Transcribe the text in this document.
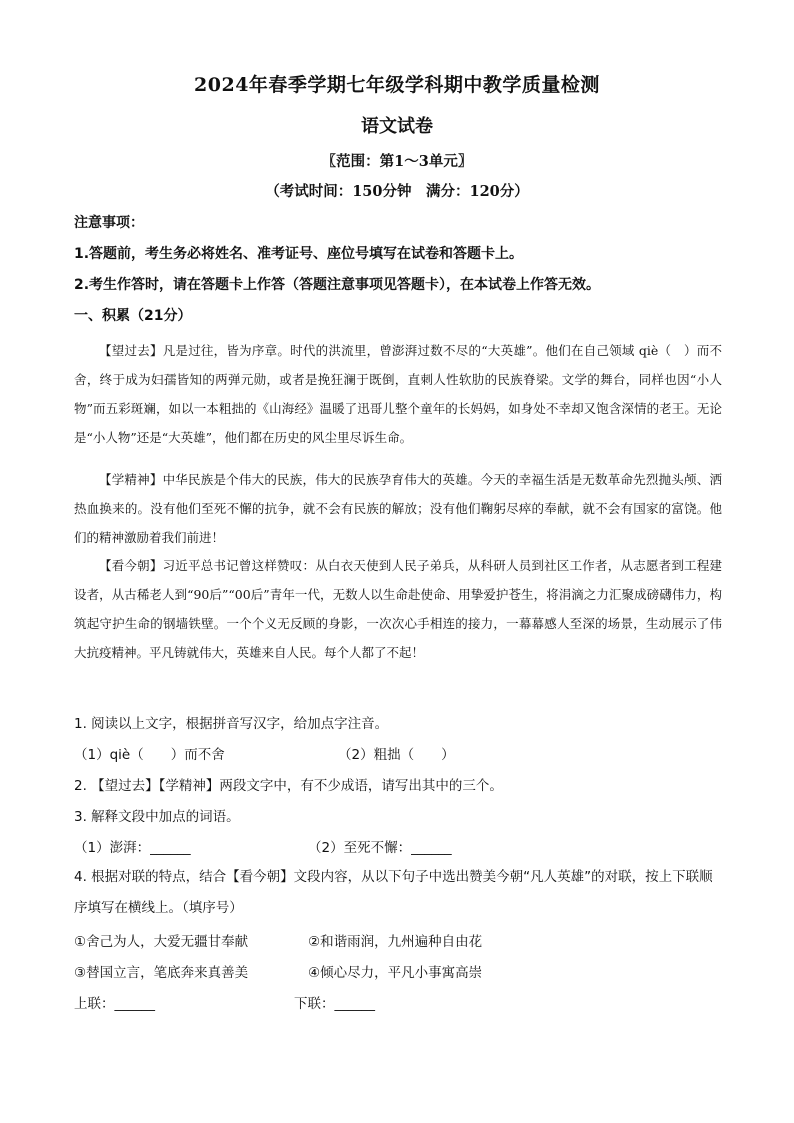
2024年春季学期七年级学科期中教学质量检测
语文试卷
〖范围：第1～3单元〗
（考试时间：150分钟　满分：120分）
注意事项：
1.答题前，考生务必将姓名、准考证号、座位号填写在试卷和答题卡上。
2.考生作答时，请在答题卡上作答（答题注意事项见答题卡），在本试卷上作答无效。
一、积累（21分）
【望过去】凡是过往，皆为序章。时代的洪流里，曾澎湃过数不尽的“大英雄”。他们在自己领域 qiè（　）而不舍，终于成为妇孺皆知的两弹元勋，或者是挽狂澜于既倒，直刺人性软肋的民族脊梁。文学的舞台，同样也因“小人物”而五彩斑斓，如以一本粗拙的《山海经》温暖了迅哥儿整个童年的长妈妈，如身处不幸却又饱含深情的老王。无论是“小人物”还是“大英雄”，他们都在历史的风尘里尽诉生命。
【学精神】中华民族是个伟大的民族，伟大的民族孕育伟大的英雄。今天的幸福生活是无数革命先烈抛头颅、洒热血换来的。没有他们至死不懈的抗争，就不会有民族的解放；没有他们鞠躬尽瘁的奉献，就不会有国家的富饶。他们的精神激励着我们前进！
【看今朝】习近平总书记曾这样赞叹：从白衣天使到人民子弟兵，从科研人员到社区工作者，从志愿者到工程建设者，从古稀老人到“90后”“00后”青年一代，无数人以生命赴使命、用挚爱护苍生，将涓滴之力汇聚成磅礴伟力，构筑起守护生命的钢墙铁壁。一个个义无反顾的身影，一次次心手相连的接力，一幕幕感人至深的场景，生动展示了伟大抗疫精神。平凡铸就伟大，英雄来自人民。每个人都了不起！
1. 阅读以上文字，根据拼音写汉字，给加点字注音。
（1）qiè（　　）而不舍	（2）粗拙（　　）
2. 【望过去】【学精神】两段文字中，有不少成语，请写出其中的三个。
3. 解释文段中加点的词语。
（1）澎湃：______	（2）至死不懈：______
4. 根据对联的特点，结合【看今朝】文段内容，从以下句子中选出赞美今朝“凡人英雄”的对联，按上下联顺序填写在横线上。（填序号）
①舍己为人，大爱无疆甘奉献	②和谐雨润，九州遍种自由花
③替国立言，笔底奔来真善美	④倾心尽力，平凡小事寓高崇
上联：______	下联：______
